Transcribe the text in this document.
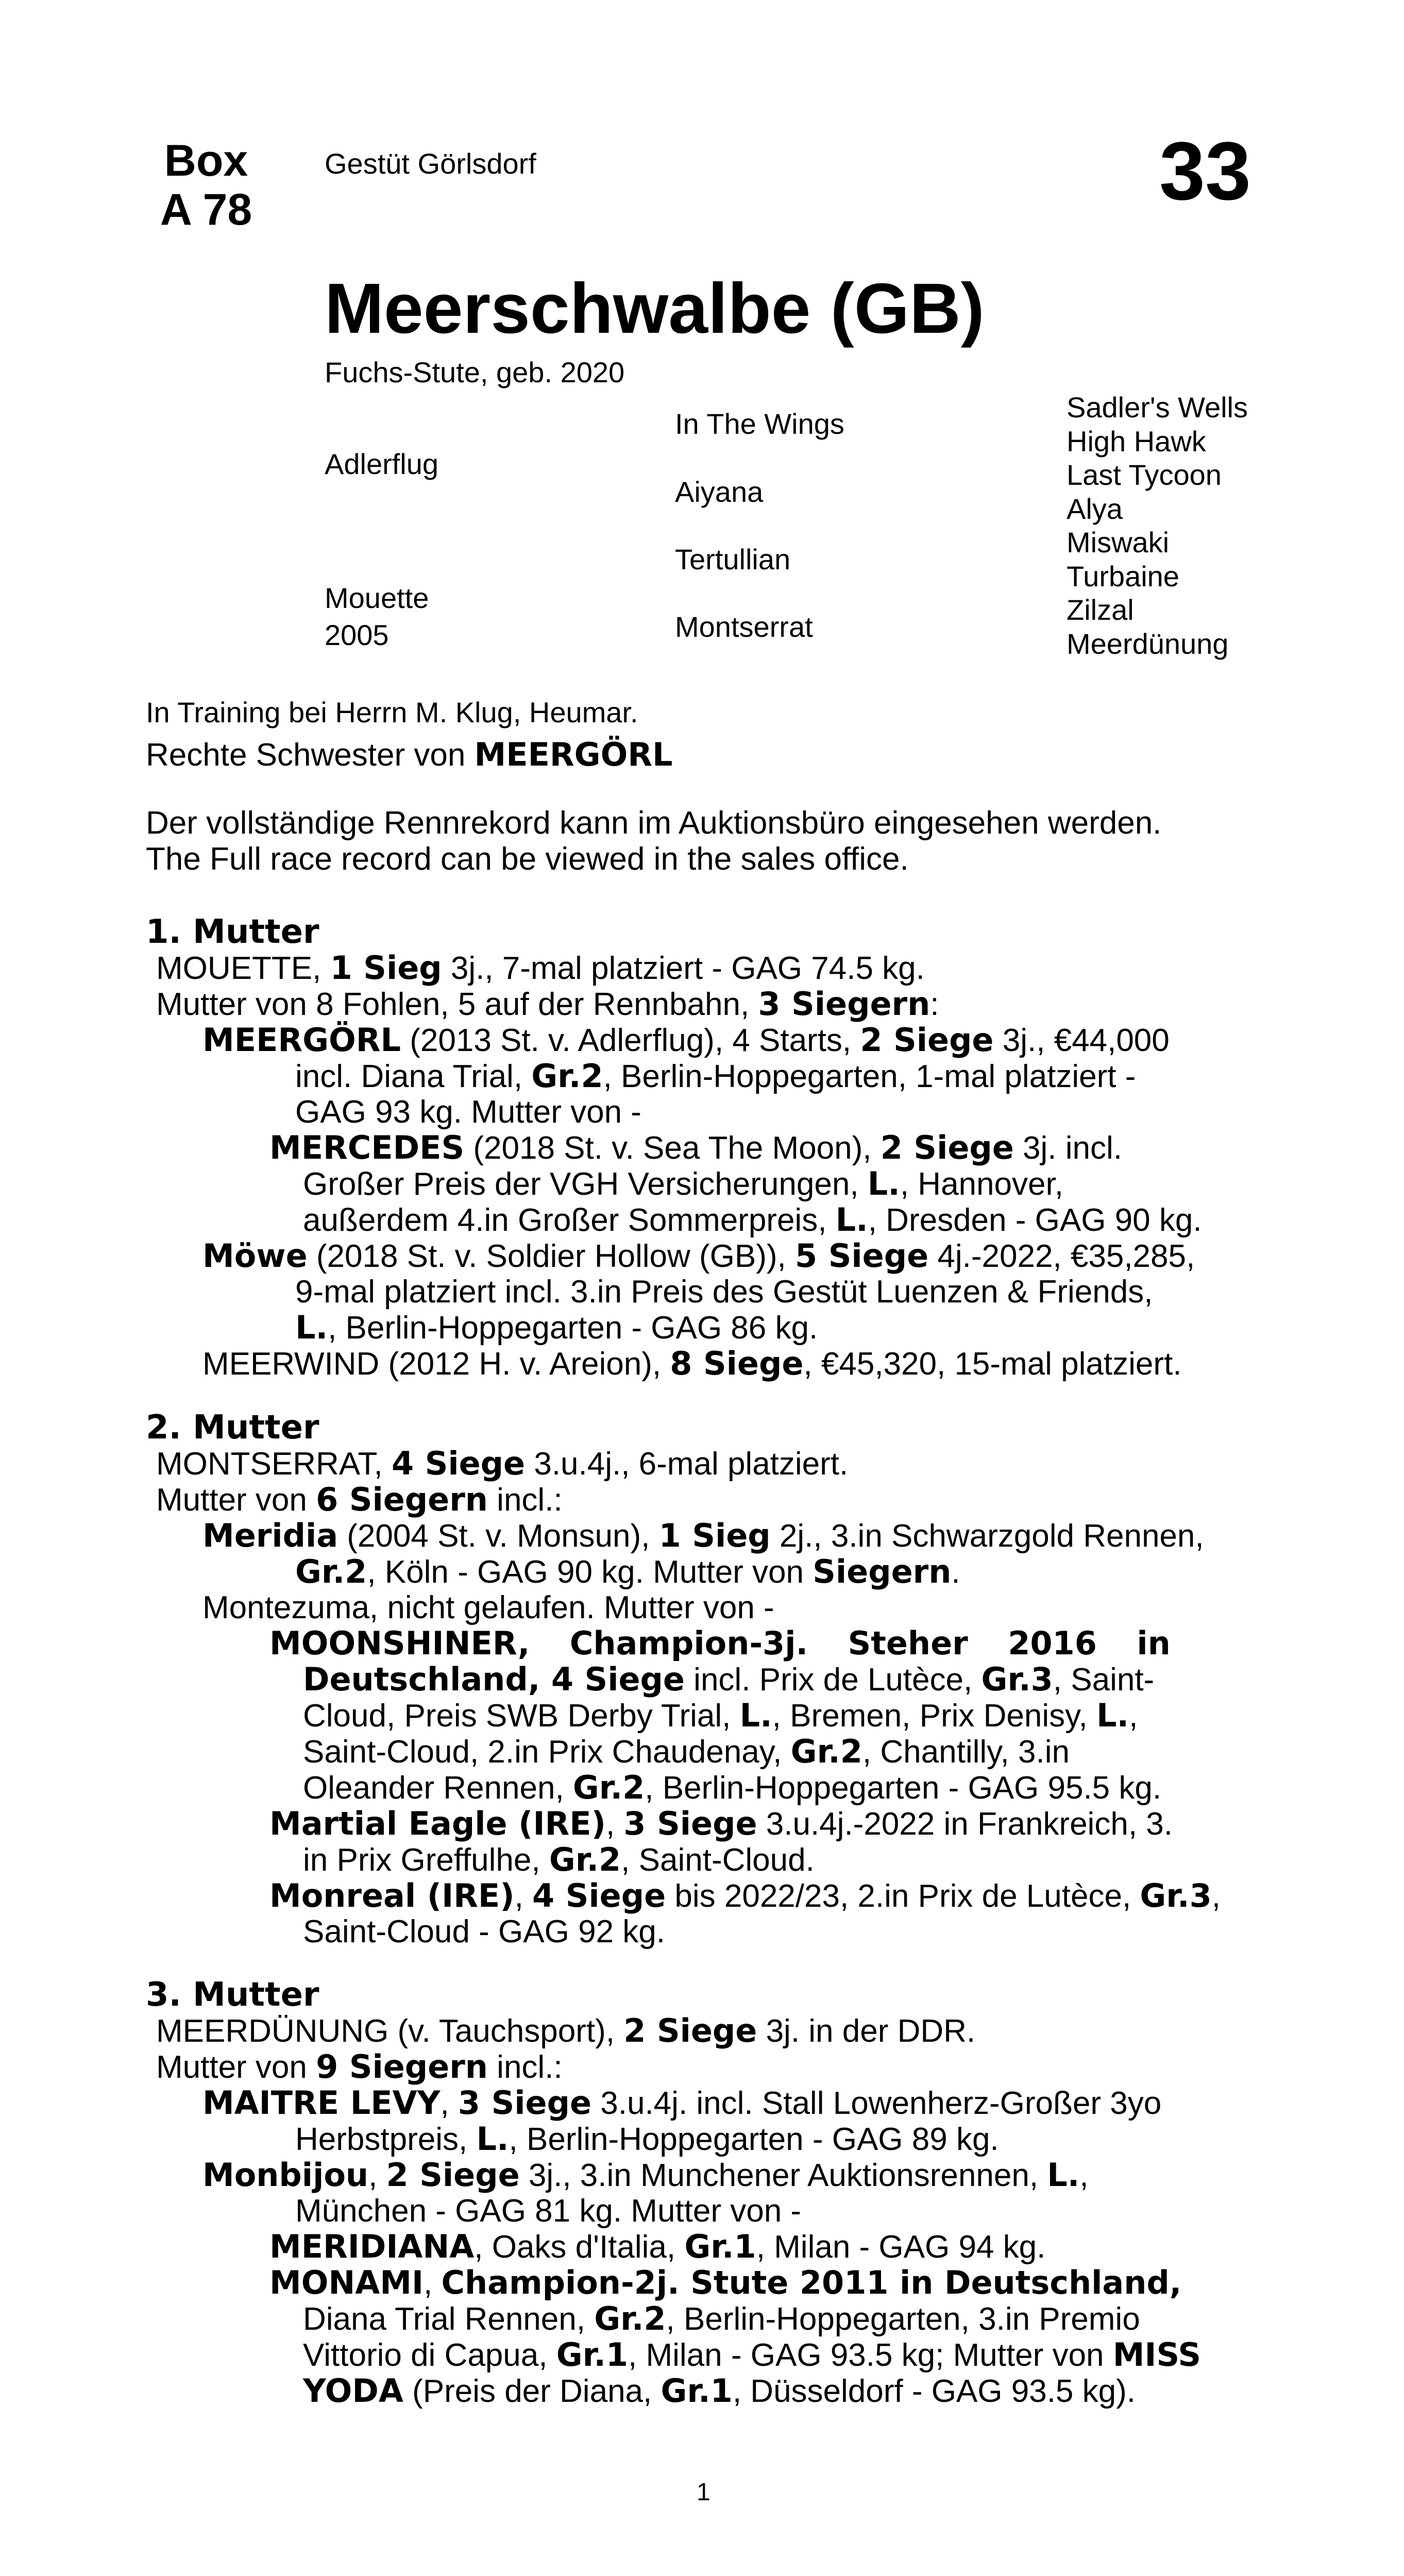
Box
A 78
Gestüt Görlsdorf	33
Meerschwalbe (GB)
Fuchs-Stute, geb. 2020
Adlerflug
Mouette
2005
In The Wings
Aiyana
Tertullian
Montserrat
Sadler's Wells
High Hawk
Last Tycoon
Alya
Miswaki
Turbaine
Zilzal
Meerdünung
In Training bei Herrn M. Klug, Heumar.
Rechte Schwester von MEERGÖRL
Der vollständige Rennrekord kann im Auktionsbüro eingesehen werden.
The Full race record can be viewed in the sales office.
1. Mutter
MOUETTE, 1 Sieg 3j., 7-mal platziert - GAG 74.5 kg.
Mutter von 8 Fohlen, 5 auf der Rennbahn, 3 Siegern:
MEERGÖRL (2013 St. v. Adlerflug), 4 Starts, 2 Siege 3j., €44,000
incl. Diana Trial, Gr.2, Berlin-Hoppegarten, 1-mal platziert -
GAG 93 kg. Mutter von -
MERCEDES (2018 St. v. Sea The Moon), 2 Siege 3j. incl.
Großer Preis der VGH Versicherungen, L., Hannover,
außerdem 4.in Großer Sommerpreis, L., Dresden - GAG 90 kg.
Möwe (2018 St. v. Soldier Hollow (GB)), 5 Siege 4j.-2022, €35,285,
9-mal platziert incl. 3.in Preis des Gestüt Luenzen & Friends,
L., Berlin-Hoppegarten - GAG 86 kg.
MEERWIND (2012 H. v. Areion), 8 Siege, €45,320, 15-mal platziert.
2. Mutter
MONTSERRAT, 4 Siege 3.u.4j., 6-mal platziert.
Mutter von 6 Siegern incl.:
Meridia (2004 St. v. Monsun), 1 Sieg 2j., 3.in Schwarzgold Rennen,
Gr.2, Köln - GAG 90 kg. Mutter von Siegern.
Montezuma, nicht gelaufen. Mutter von -
MOONSHINER, Champion-3j. Steher 2016 in
Deutschland, 4 Siege incl. Prix de Lutèce, Gr.3, Saint-
Cloud, Preis SWB Derby Trial, L., Bremen, Prix Denisy, L.,
Saint-Cloud, 2.in Prix Chaudenay, Gr.2, Chantilly, 3.in
Oleander Rennen, Gr.2, Berlin-Hoppegarten - GAG 95.5 kg.
Martial Eagle (IRE), 3 Siege 3.u.4j.-2022 in Frankreich, 3.
in Prix Greffulhe, Gr.2, Saint-Cloud.
Monreal (IRE), 4 Siege bis 2022/23, 2.in Prix de Lutèce, Gr.3,
Saint-Cloud - GAG 92 kg.
3. Mutter
MEERDÜNUNG (v. Tauchsport), 2 Siege 3j. in der DDR.
Mutter von 9 Siegern incl.:
MAITRE LEVY, 3 Siege 3.u.4j. incl. Stall Lowenherz-Großer 3yo
Herbstpreis, L., Berlin-Hoppegarten - GAG 89 kg.
Monbijou, 2 Siege 3j., 3.in Munchener Auktionsrennen, L.,
München - GAG 81 kg. Mutter von -
MERIDIANA, Oaks d'Italia, Gr.1, Milan - GAG 94 kg.
MONAMI, Champion-2j. Stute 2011 in Deutschland,
Diana Trial Rennen, Gr.2, Berlin-Hoppegarten, 3.in Premio
Vittorio di Capua, Gr.1, Milan - GAG 93.5 kg; Mutter von MISS
YODA (Preis der Diana, Gr.1, Düsseldorf - GAG 93.5 kg).
1
